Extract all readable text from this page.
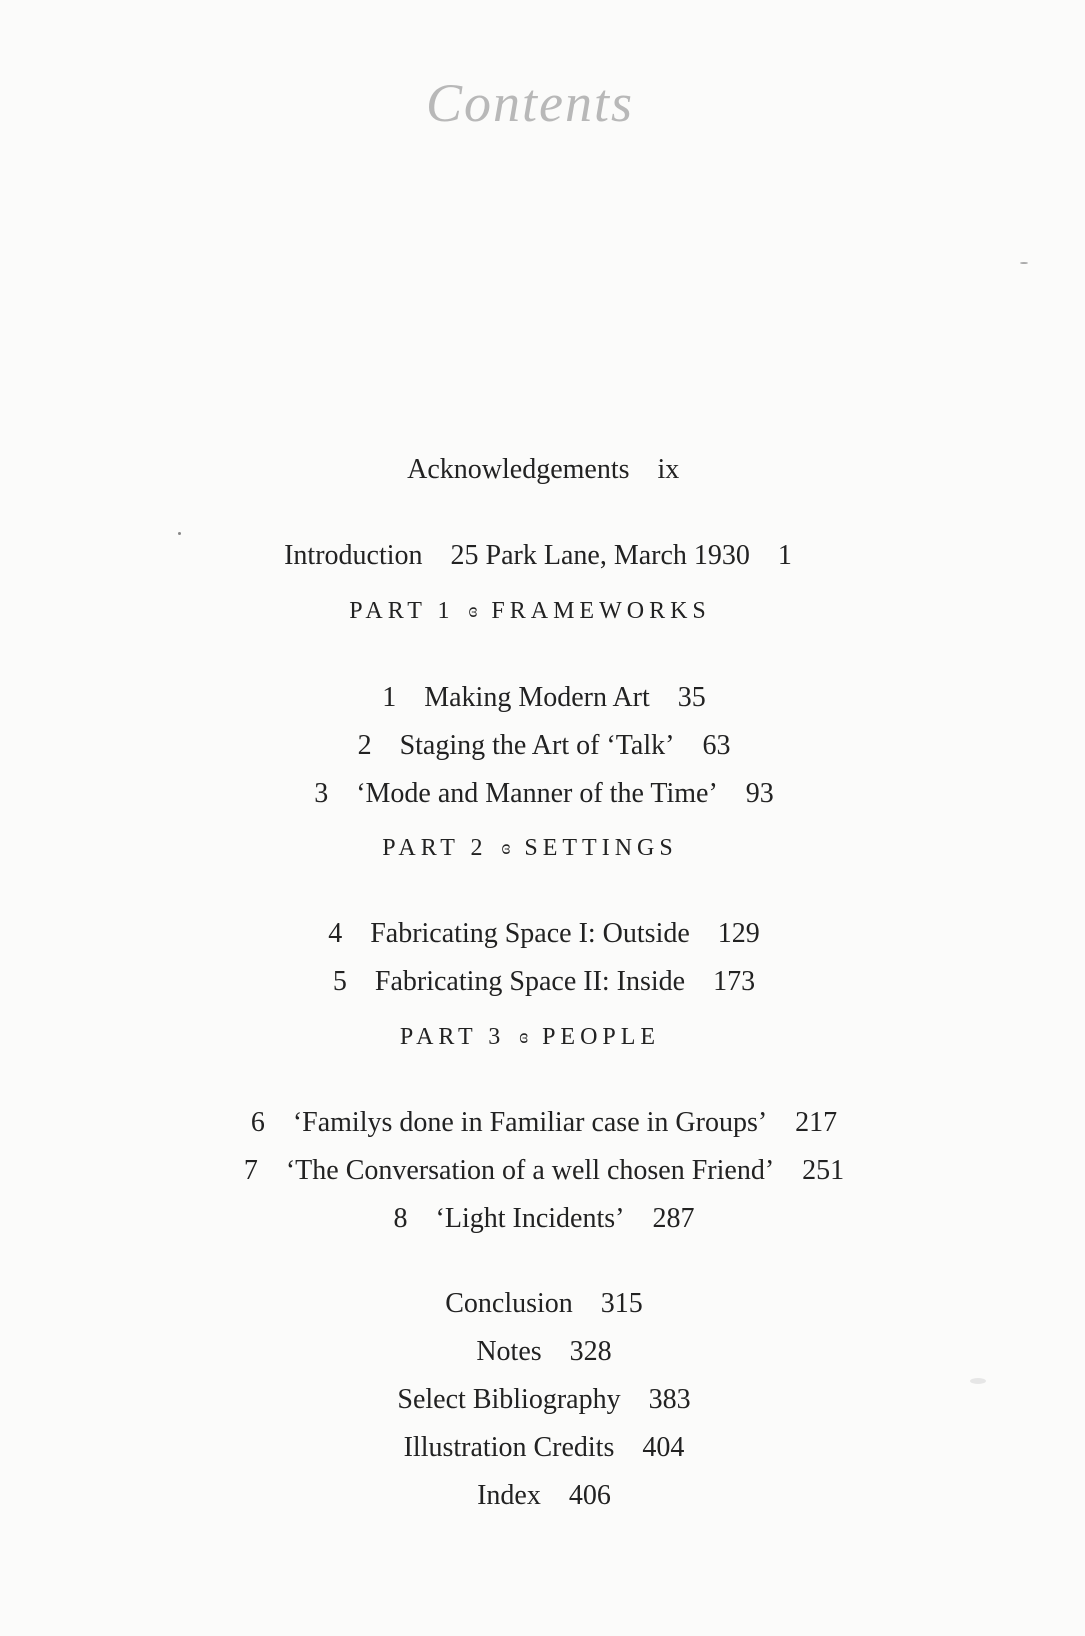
Contents

Acknowledgements ix

Introduction 25 Park Lane, March 1930 1

PART 1 ɞ FRAMEWORKS

1 Making Modern Art 35

2 Staging the Art of ‘Talk’ 63

3 ‘Mode and Manner of the Time’ 93

PART 2 ɞ SETTINGS

4 Fabricating Space I: Outside 129

5 Fabricating Space II: Inside 173

PART 3 ɞ PEOPLE

6 ‘Familys done in Familiar case in Groups’ 217

7 ‘The Conversation of a well chosen Friend’ 251

8 ‘Light Incidents’ 287

Conclusion 315

Notes 328

Select Bibliography 383

Illustration Credits 404

Index 406
